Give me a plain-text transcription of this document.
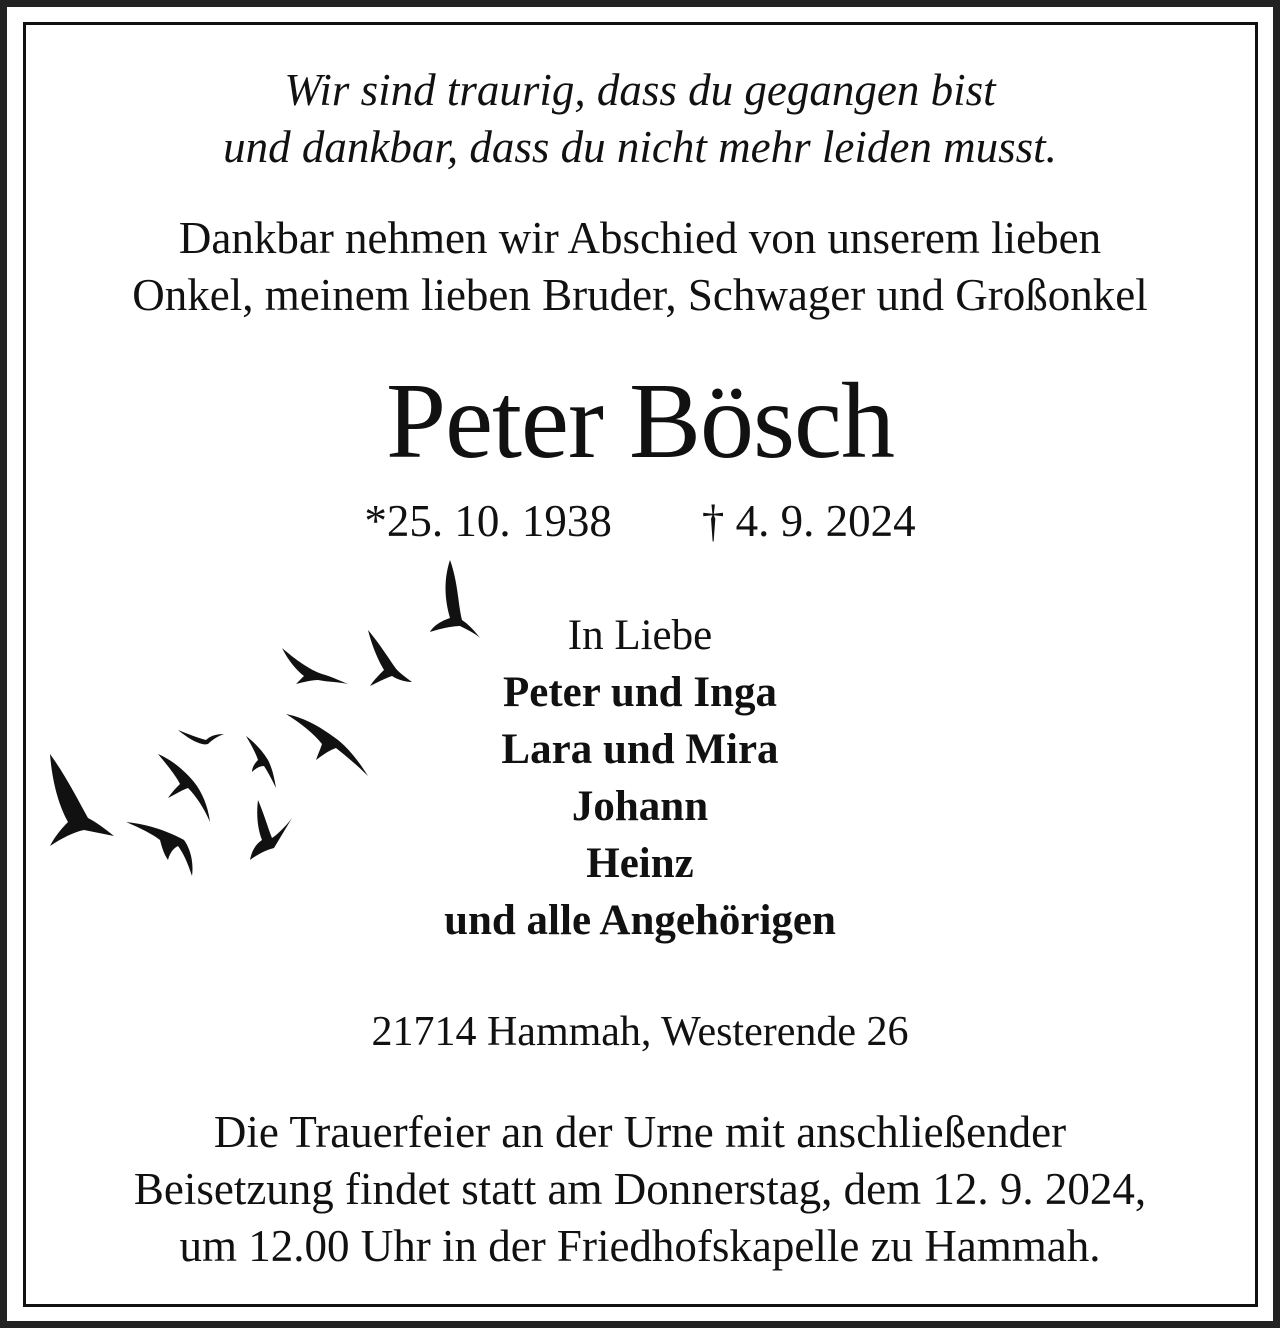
Wir sind traurig, dass du gegangen bist
und dankbar, dass du nicht mehr leiden musst.
Dankbar nehmen wir Abschied von unserem lieben
Onkel, meinem lieben Bruder, Schwager und Großonkel
Peter Bösch
*25. 10. 1938 † 4. 9. 2024
In Liebe
Peter und Inga
Lara und Mira
Johann
Heinz
und alle Angehörigen
21714 Hammah, Westerende 26
Die Trauerfeier an der Urne mit anschließender
Beisetzung findet statt am Donnerstag, dem 12. 9. 2024,
um 12.00 Uhr in der Friedhofskapelle zu Hammah.
